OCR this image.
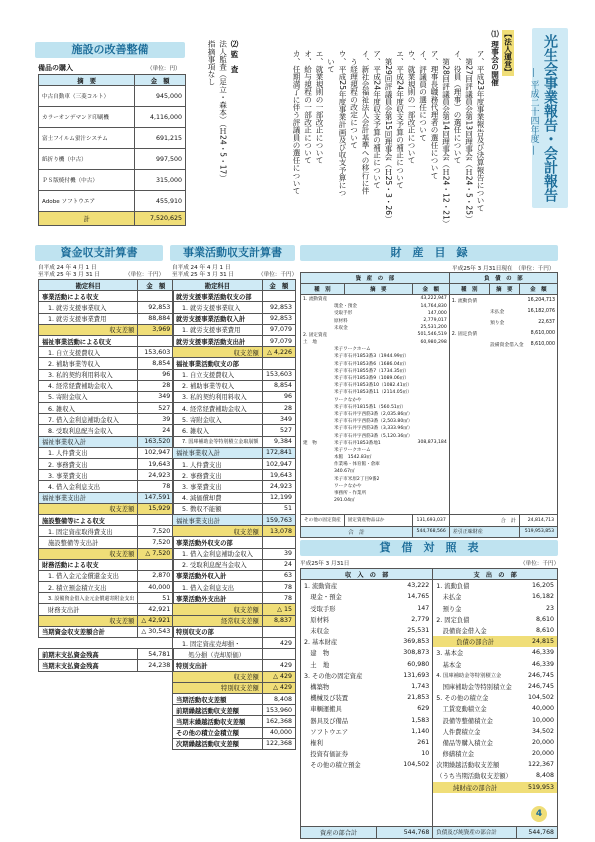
光生会事業報告・会計報告
― 平成二十四年度 ―
【法人運営】
⑴ 理事会の開催
ア、平成23年度事業報告及び決算報告について
　第27回評議員会第13回理事会（Ｈ24・5・25）
イ、役員（理事）の選任について
　第28回評議員会第14回理事会（Ｈ24・12・21）
ア、理事長職務代理者の選任について
イ、評議員の選任について
ウ、就業規則の一部改正について
エ、平成24年度収支予算の補正について
　第29回評議員会第15回理事会（Ｈ25・3・26）
ア、平成24年度収支予算の補正について
イ、新社会福祉法人会計基準への移行に伴
　う経理規程の改定について
ウ、平成25年度事業計画及び収支予算につ
　いて
エ、就業規則の一部改正について
オ、給与規程の一部改正について
カ、任期満了に伴う評議員の選任について
⑵ 監　査
法人監査（足立・森本）（Ｈ24・5・17）
指摘事項なし
施設の改善整備
備品の購入	（単位：円）
摘　要	金　額
中古自動車（三菱コルト）	945,000
カラーオンデマンド印刷機	4,116,000
富士フイルム蛍汁システム	691,215
紙折り機（中古）	997,500
ＰＳ版焼付機（中古）	315,000
Adobe ソフトウエア	455,910
計	7,520,625
資金収支計算書
自平成 24 年 4 月 1 日
至平成 25 年 3 月 31 日	（単位：千円）
勘定科目	金　額
事業活動による収支	
1. 就労支援事業収入	92,853
1. 就労支援事業費用	88,884
収支差額	3,969
福祉事業活動による収支	
1. 自立支援費収入	153,603
2. 補助事業等収入	8,854
3. 私的契約利用料収入	96
4. 経常経費補助金収入	28
5. 寄附金収入	349
6. 雑収入	527
7. 借入金利息補助金収入	39
8. 受取利息配当金収入	24
福祉事業収入計	163,520
1. 人件費支出	102,947
2. 事務費支出	19,643
3. 事業費支出	24,923
4. 借入金利息支出	78
福祉事業支出計	147,591
収支差額	15,929
施設整備等による収支	
1. 固定資産取得費支出	7,520
施設整備等支出計	7,520
収支差額	△ 7,520
財務活動による収支	
1. 借入金元金償還金支出	2,870
2. 積立預金積立支出	40,000
3. 設備資金借入金元金償還寄附金支出	51
財務支出計	42,921
収支差額	△ 42,921
当期資金収支差額合計	△ 30,543

前期末支払資金残高	54,781
当期末支払資金残高	24,238
事業活動収支計算書
自平成 24 年 4 月 1 日
至平成 25 年 3 月 31 日	（単位：千円）
勘定科目	金　額
就労支援事業活動収支の部	
1. 就労支援事業収入	92,853
就労支援事業活動収入計	92,853
1. 就労支援事業費用	97,079
就労支援事業活動支出計	97,079
収支差額	△ 4,226
福祉事業活動収支の部	
1. 自立支援費収入	153,603
2. 補助事業等収入	8,854
3. 私的契約利用料収入	96
4. 経常経費補助金収入	28
5. 寄附金収入	349
6. 雑収入	527
7. 国庫補助金等特別積立金取崩額	9,384
福祉事業収入計	172,841
1. 人件費支出	102,947
2. 事務費支出	19,643
3. 事業費支出	24,923
4. 減価償却費	12,199
5. 徴収不能額	51
福祉事業支出計	159,763
収支差額	13,078
事業活動外収支の部	
1. 借入金利息補助金収入	39
2. 受取利息配当金収入	24
事業活動外収入計	63
1. 借入金利息支出	78
事業活動外支出計	78
収支差額	△ 15
経常収支差額	8,837
特別収支の部	
1. 固定資産売却損・	429
　処分損（売却原価）	
特別支出計	429
収支差額	△ 429
特別収支差額	△ 429
当期活動収支差額	8,408
前期繰越活動収支差額	153,960
当期末繰越活動収支差額	162,368
その他の積立金積立額	40,000
次期繰越活動収支差額	122,368
財　産　目　録
平成25年 3 月31日現在　（単位：千円）
資　産　の　部	負　債　の　部
種　別	摘　要	金　額	種　別	摘　要	金　額

1. 流動資産		43,222,947
	現金・預金	14,764,830
	受取手形	147,000
	原材料	2,779,017
	未収金	25,531,200
2. 固定資産		501,546,519
土　地		60,980,298
	米子ワークホーム	
	米子市石井1853番3（1944.99㎡）	
	米子市石井1853番6（1686.04㎡）	
	米子市石井1855番7（1734.35㎡）	
	米子市石井1853番9（1089.06㎡）	
	米子市石井1853番10（1082.41㎡）	
	米子市石井1853番11（2114.05㎡）	
	ワークなかや	
	米子市石井1815番1（560.51㎡）	
	米子市石井字西筋3番（2,035.86㎡）	
	米子市石井字西筋3番（2,503.80㎡）	
	米子市石井字西筋3番（3,333.96㎡）	
	米子市石井字西筋3番（5,120.36㎡）	
建　物	米子市石井1853番地1	308,873,184
	米子ワークホーム	
	本館　1542.83㎡	
	作業場・体育館・倉庫	
	340.67㎡	
	米子市米原2丁目9番2	
	ワークなかや	
	事務所・作業所	
	291.04㎡	

1. 流動負債		16,204,713
	未払金	16,182,076
	預り金	22,637
2. 固定負債		8,610,000
	設備資金借入金	8,610,000

その他の固定資産	固定資産物品ほか	131,693,037	合　計	24,814,713
合　計	544,768,566	差引正味財産	519,953,853
貸　借　対　照　表
平成25年 3 月31日	（単位：千円）
収　入　の　部	支　出　の　部

1. 流動資産	43,222
　現金・預金	14,765
　受取手形	147
　原材料	2,779
　未収金	25,531
2. 基本財産	369,853
　建　物	308,873
　土　地	60,980
3. その他の固定資産	131,693
　構築物	1,743
　機械及び装置	21,853
　車輌運搬具	629
　器具及び備品	1,583
　ソフトウエア	1,140
　権利	261
　投資有価証券	10
　その他の積立預金	104,502

1. 流動負債	16,205
　未払金	16,182
　預り金	23
2. 固定負債	8,610
　設備資金借入金	8,610
負債の部合計	24,815
3. 基本金	46,339
　基本金	46,339
4. 国庫補助金等特別積立金	246,745
　国庫補助金等特別積立金	246,745
5. その他の積立金	104,502
　工賃変動積立金	40,000
　設備等整備積立金	10,000
　人件費積立金	34,502
　備品等購入積立金	20,000
　修繕積立金	20,000
次期繰越活動収支差額	122,367
（うち当期活動収支差額）	8,408
純財産の部合計	519,953

資産の部合計	544,768	負債及び純資産の部合計	544,768
4
